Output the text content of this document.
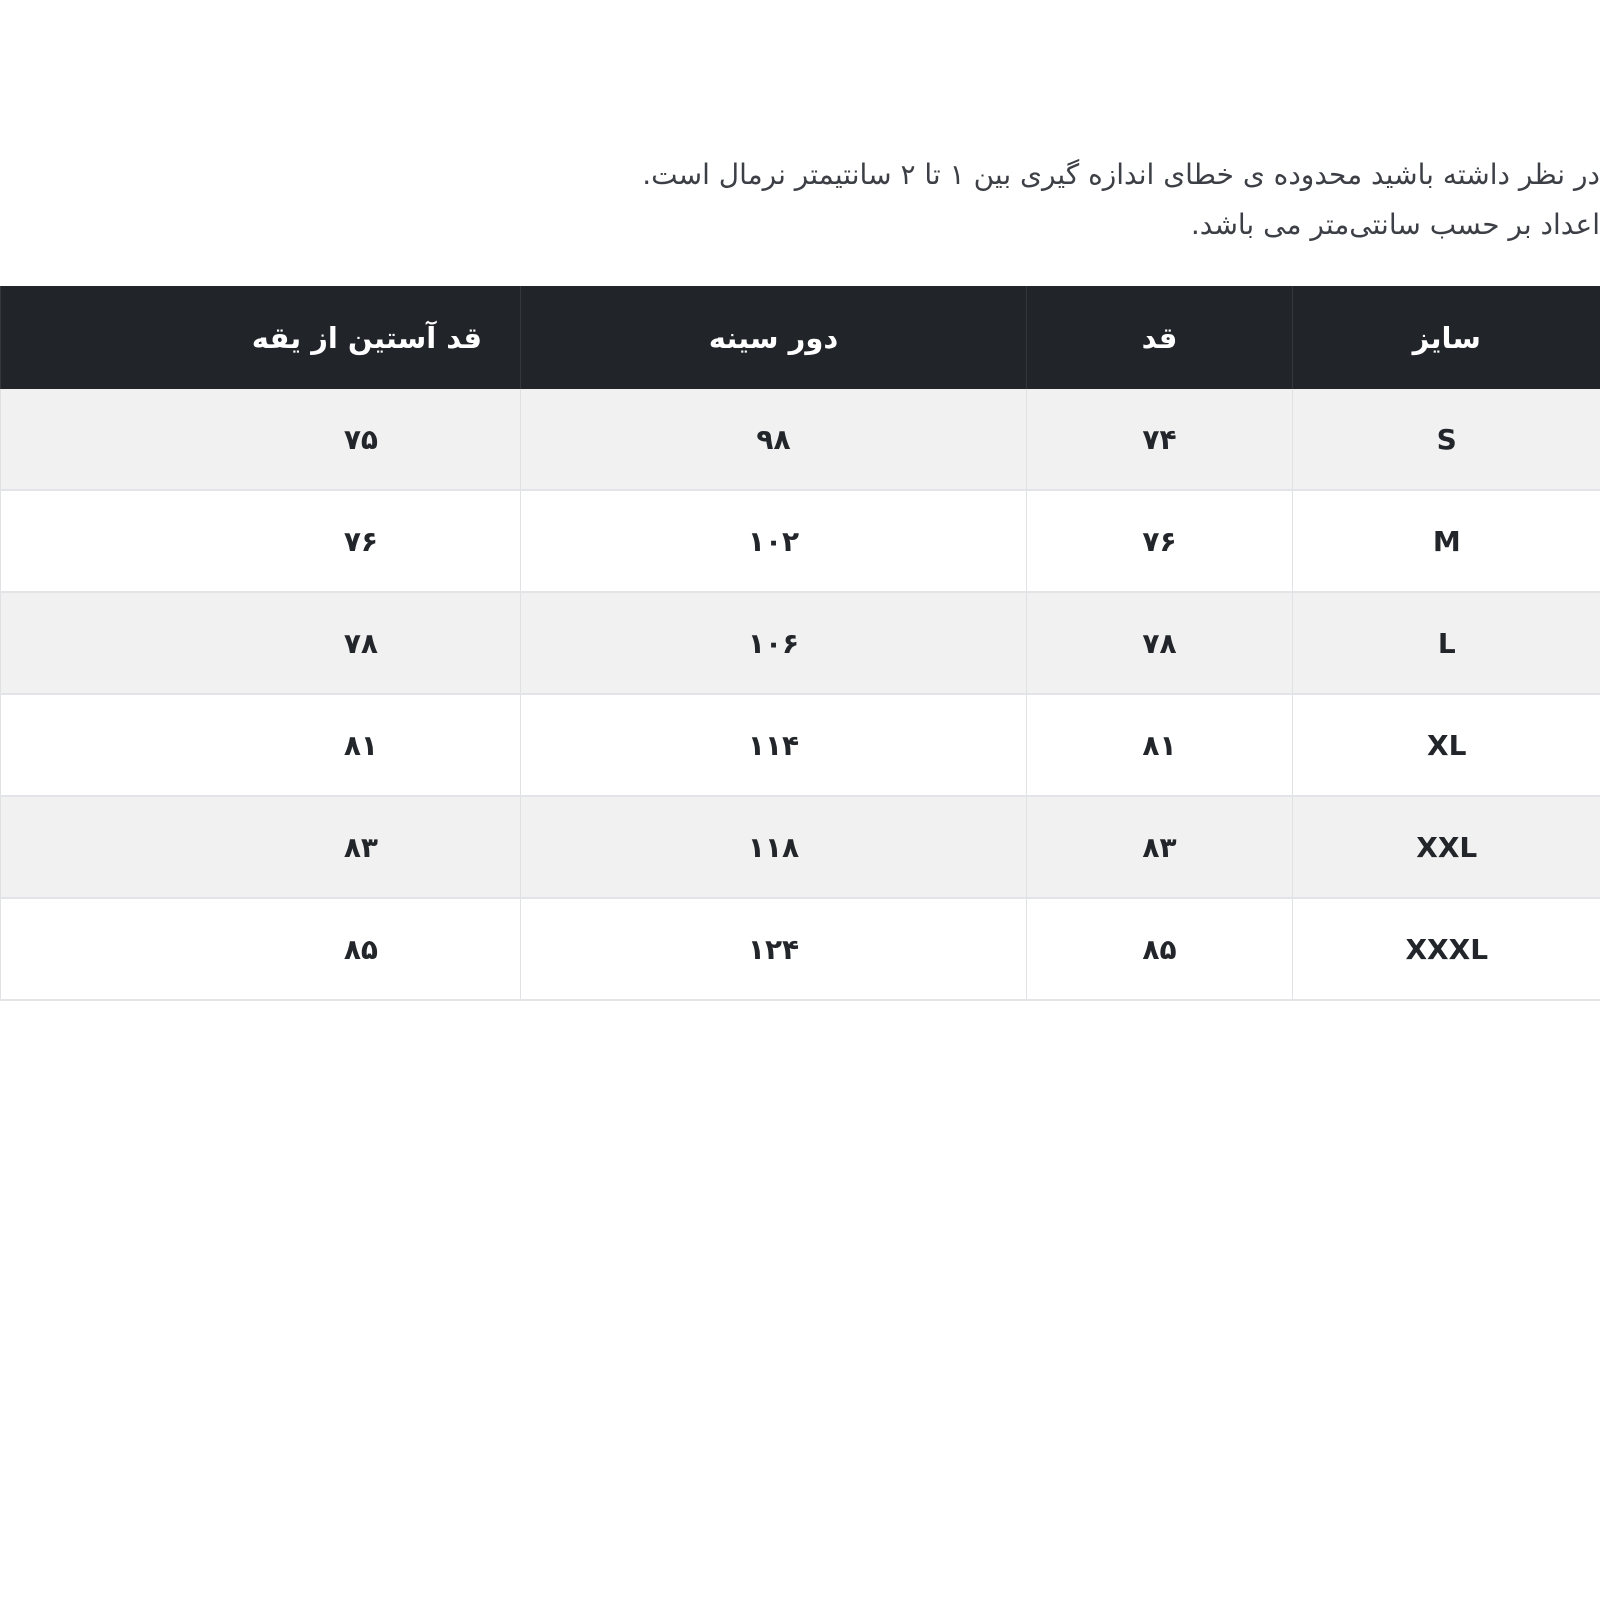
در نظر داشته باشید محدوده ی خطای اندازه گیری بین ۱ تا ۲ سانتیمتر نرمال است.

اعداد بر حسب سانتی‌متر می باشد.

سایز	قد	دور سینه	قد آستین از یقه
S	۷۴	۹۸	۷۵
M	۷۶	۱۰۲	۷۶
L	۷۸	۱۰۶	۷۸
XL	۸۱	۱۱۴	۸۱
XXL	۸۳	۱۱۸	۸۳
XXXL	۸۵	۱۲۴	۸۵
